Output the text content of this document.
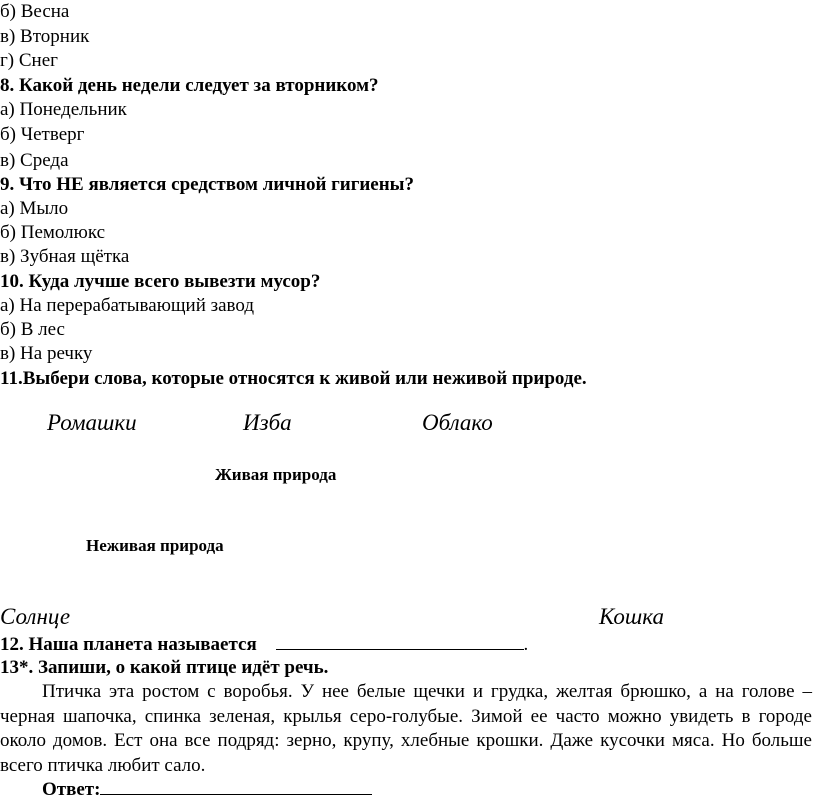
б) Весна
в) Вторник
г) Снег
8. Какой день недели следует за вторником?
а) Понедельник
б) Четверг
в) Среда
9. Что НЕ является средством личной гигиены?
а) Мыло
б) Пемолюкс
в) Зубная щётка
10. Куда лучше всего вывезти мусор?
а) На перерабатывающий завод
б) В лес
в) На речку
11.Выбери слова, которые относятся к живой или неживой природе.
Ромашки	Изба	Облако
Живая природа
Неживая природа
Солнце	Кошка
12. Наша планета называется	.
13*. Запиши, о какой птице идёт речь.

Птичка эта ростом с воробья. У нее белые щечки и грудка, желтая брюшко, а на голове – черная шапочка, спинка зеленая, крылья серо-голубые. Зимой ее часто можно увидеть в городе около домов. Ест она все подряд: зерно, крупу, хлебные крошки. Даже кусочки мяса. Но больше всего птичка любит сало.

Ответ:
